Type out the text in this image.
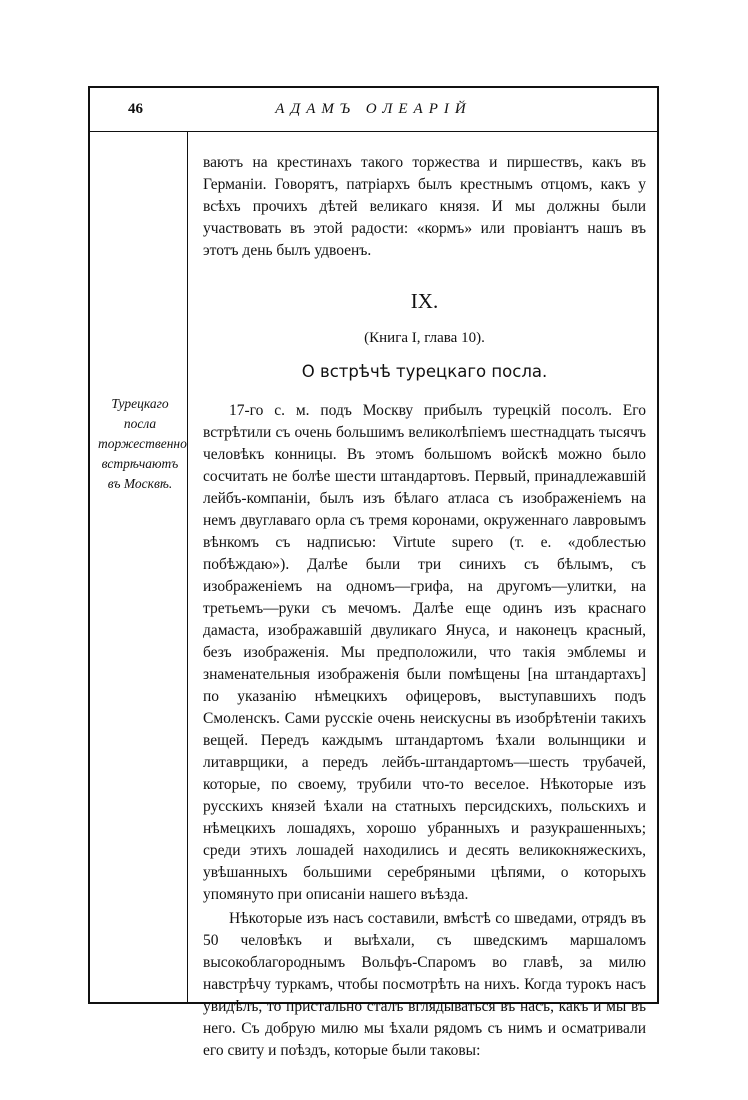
46	АДАМЪ ОЛЕАРІЙ
Турецкаго посла торжественно встрѣчаютъ въ Москвѣ.

ваютъ на крестинахъ такого торжества и пиршествъ, какъ въ Германіи. Говорятъ, патріархъ былъ крестнымъ отцомъ, какъ у всѣхъ прочихъ дѣтей великаго князя. И мы должны были участвовать въ этой радости: «кормъ» или провіантъ нашъ въ этотъ день былъ удвоенъ.

IX.
(Книга I, глава 10).
О встрѣчѣ турецкаго посла.

17-го с. м. подъ Москву прибылъ турецкій посолъ. Его встрѣтили съ очень большимъ великолѣпіемъ шестнадцать тысячъ человѣкъ конницы. Въ этомъ большомъ войскѣ можно было сосчитать не болѣе шести штандартовъ. Первый, принадлежавшій лейбъ-компаніи, былъ изъ бѣлаго атласа съ изображеніемъ на немъ двуглаваго орла съ тремя коронами, окруженнаго лавровымъ вѣнкомъ съ надписью: Virtute supero (т. е. «доблестью побѣждаю»). Далѣе были три синихъ съ бѣлымъ, съ изображеніемъ на одномъ—грифа, на другомъ—улитки, на третьемъ—руки съ мечомъ. Далѣе еще одинъ изъ краснаго дамаста, изображавшій двуликаго Януса, и наконецъ красный, безъ изображенія. Мы предположили, что такія эмблемы и знаменательныя изображенія были помѣщены [на штандартахъ] по указанію нѣмецкихъ офицеровъ, выступавшихъ подъ Смоленскъ. Сами русскіе очень неискусны въ изобрѣтеніи такихъ вещей. Передъ каждымъ штандартомъ ѣхали волынщики и литаврщики, а передъ лейбъ-штандартомъ—шесть трубачей, которые, по своему, трубили что-то веселое. Нѣкоторые изъ русскихъ князей ѣхали на статныхъ персидскихъ, польскихъ и нѣмецкихъ лошадяхъ, хорошо убранныхъ и разукрашенныхъ; среди этихъ лошадей находились и десять великокняжескихъ, увѣшанныхъ большими серебряными цѣпями, о которыхъ упомянуто при описаніи нашего въѣзда.

Нѣкоторые изъ насъ составили, вмѣстѣ со шведами, отрядъ въ 50 человѣкъ и выѣхали, съ шведскимъ маршаломъ высокоблагороднымъ Вольфъ-Спаромъ во главѣ, за милю навстрѣчу туркамъ, чтобы посмотрѣть на нихъ. Когда турокъ насъ увидѣлъ, то пристально сталъ вглядываться въ насъ, какъ и мы въ него. Съ добрую милю мы ѣхали рядомъ съ нимъ и осматривали его свиту и поѣздъ, которые были таковы:
